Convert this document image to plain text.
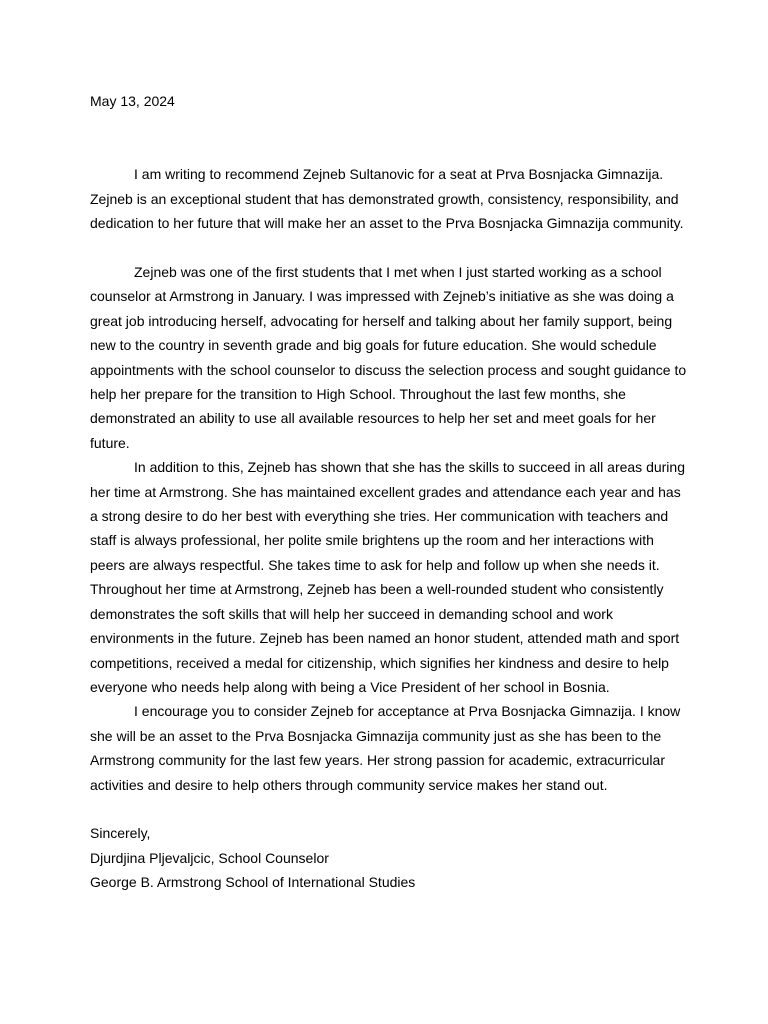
May 13, 2024

I am writing to recommend Zejneb Sultanovic for a seat at Prva Bosnjacka Gimnazija. Zejneb is an exceptional student that has demonstrated growth, consistency, responsibility, and dedication to her future that will make her an asset to the Prva Bosnjacka Gimnazija community.

Zejneb was one of the first students that I met when I just started working as a school counselor at Armstrong in January. I was impressed with Zejneb’s initiative as she was doing a great job introducing herself, advocating for herself and talking about her family support, being new to the country in seventh grade and big goals for future education. She would schedule appointments with the school counselor to discuss the selection process and sought guidance to help her prepare for the transition to High School. Throughout the last few months, she demonstrated an ability to use all available resources to help her set and meet goals for her future.

In addition to this, Zejneb has shown that she has the skills to succeed in all areas during her time at Armstrong. She has maintained excellent grades and attendance each year and has a strong desire to do her best with everything she tries. Her communication with teachers and staff is always professional, her polite smile brightens up the room and her interactions with peers are always respectful. She takes time to ask for help and follow up when she needs it. Throughout her time at Armstrong, Zejneb has been a well-rounded student who consistently demonstrates the soft skills that will help her succeed in demanding school and work environments in the future. Zejneb has been named an honor student, attended math and sport competitions, received a medal for citizenship, which signifies her kindness and desire to help everyone who needs help along with being a Vice President of her school in Bosnia.

I encourage you to consider Zejneb for acceptance at Prva Bosnjacka Gimnazija. I know she will be an asset to the Prva Bosnjacka Gimnazija community just as she has been to the Armstrong community for the last few years. Her strong passion for academic, extracurricular activities and desire to help others through community service makes her stand out.

Sincerely,
Djurdjina Pljevaljcic, School Counselor
George B. Armstrong School of International Studies
